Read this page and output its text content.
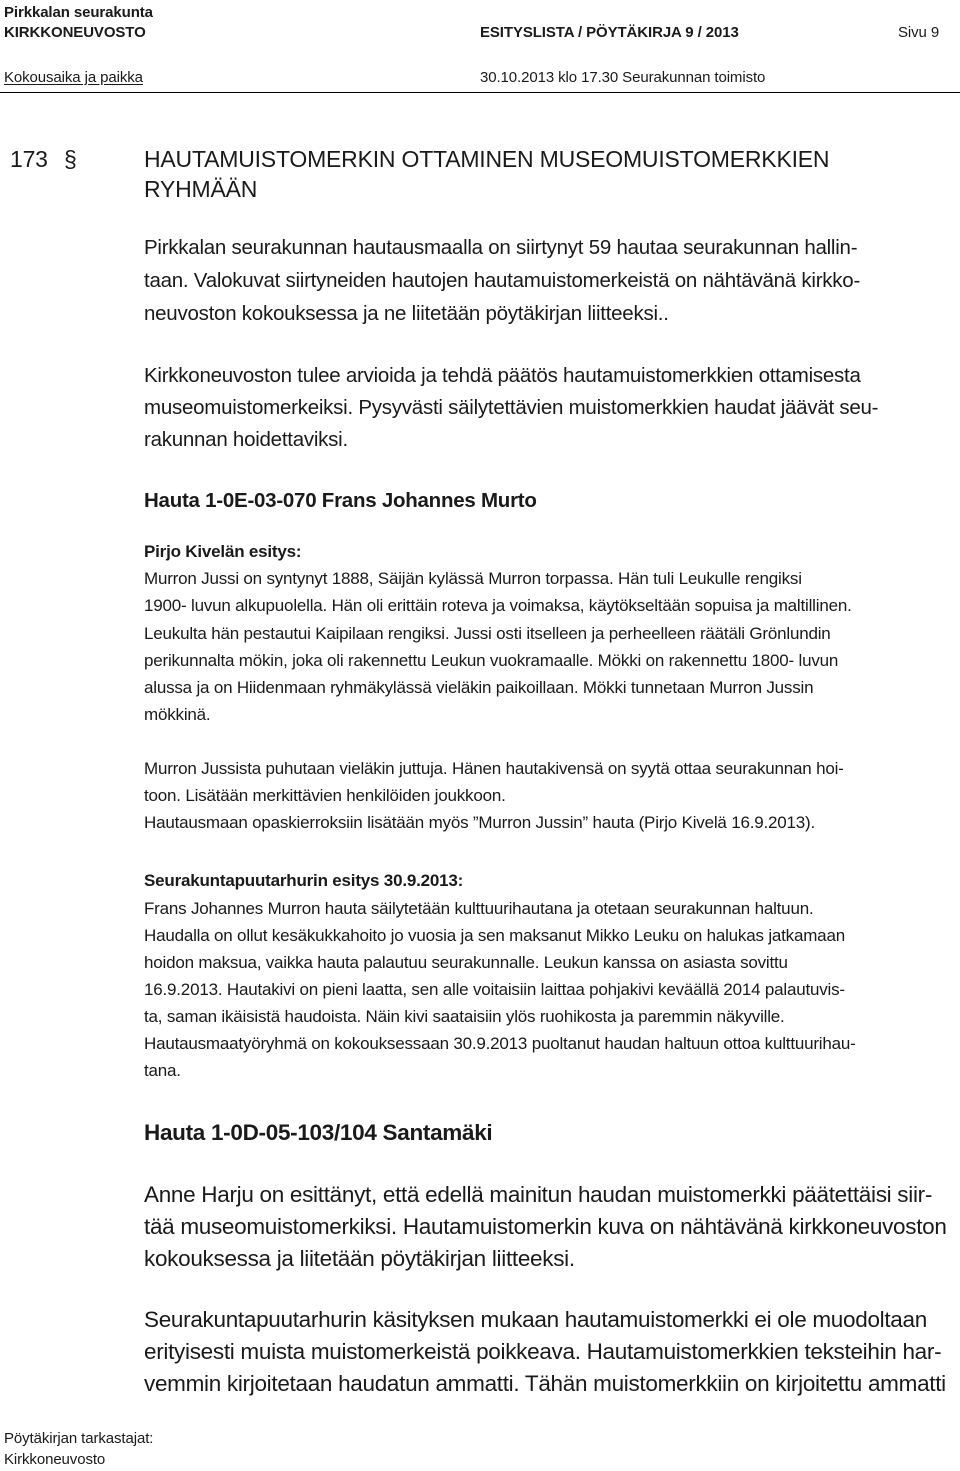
Pirkkalan seurakunta
KIRKKONEUVOSTO	ESITYSLISTA / PÖYTÄKIRJA 9 / 2013	Sivu 9
Kokousaika ja paikka	30.10.2013 klo 17.30 Seurakunnan toimisto
173 §	HAUTAMUISTOMERKIN OTTAMINEN MUSEOMUISTOMERKKIEN
RYHMÄÄN
Pirkkalan seurakunnan hautausmaalla on siirtynyt 59 hautaa seurakunnan hallin-
taan. Valokuvat siirtyneiden hautojen hautamuistomerkeistä on nähtävänä kirkko-
neuvoston kokouksessa ja ne liitetään pöytäkirjan liitteeksi..
Kirkkoneuvoston tulee arvioida ja tehdä päätös hautamuistomerkkien ottamisesta
museomuistomerkeiksi. Pysyvästi säilytettävien muistomerkkien haudat jäävät seu-
rakunnan hoidettaviksi.
Hauta 1-0E-03-070 Frans Johannes Murto
Pirjo Kivelän esitys:
Murron Jussi on syntynyt 1888, Säijän kylässä Murron torpassa. Hän tuli Leukulle rengiksi
1900- luvun alkupuolella. Hän oli erittäin roteva ja voimaksa, käytökseltään sopuisa ja maltillinen.
Leukulta hän pestautui Kaipilaan rengiksi. Jussi osti itselleen ja perheelleen räätäli Grönlundin
perikunnalta mökin, joka oli rakennettu Leukun vuokramaalle. Mökki on rakennettu 1800- luvun
alussa ja on Hiidenmaan ryhmäkylässä vieläkin paikoillaan. Mökki tunnetaan Murron Jussin
mökkinä.
Murron Jussista puhutaan vieläkin juttuja. Hänen hautakivensä on syytä ottaa seurakunnan hoi-
toon. Lisätään merkittävien henkilöiden joukkoon.
Hautausmaan opaskierroksiin lisätään myös ”Murron Jussin” hauta (Pirjo Kivelä 16.9.2013).
Seurakuntapuutarhurin esitys 30.9.2013:
Frans Johannes Murron hauta säilytetään kulttuurihautana ja otetaan seurakunnan haltuun.
Haudalla on ollut kesäkukkahoito jo vuosia ja sen maksanut Mikko Leuku on halukas jatkamaan
hoidon maksua, vaikka hauta palautuu seurakunnalle. Leukun kanssa on asiasta sovittu
16.9.2013. Hautakivi on pieni laatta, sen alle voitaisiin laittaa pohjakivi keväällä 2014 palautuvis-
ta, saman ikäisistä haudoista. Näin kivi saataisiin ylös ruohikosta ja paremmin näkyville.
Hautausmaatyöryhmä on kokouksessaan 30.9.2013 puoltanut haudan haltuun ottoa kulttuurihau-
tana.
Hauta 1-0D-05-103/104 Santamäki
Anne Harju on esittänyt, että edellä mainitun haudan muistomerkki päätettäisi siir-
tää museomuistomerkiksi. Hautamuistomerkin kuva on nähtävänä kirkkoneuvoston
kokouksessa ja liitetään pöytäkirjan liitteeksi.
Seurakuntapuutarhurin käsityksen mukaan hautamuistomerkki ei ole muodoltaan
erityisesti muista muistomerkeistä poikkeava. Hautamuistomerkkien teksteihin har-
vemmin kirjoitetaan haudatun ammatti. Tähän muistomerkkiin on kirjoitettu ammatti
Pöytäkirjan tarkastajat:
Kirkkoneuvosto
